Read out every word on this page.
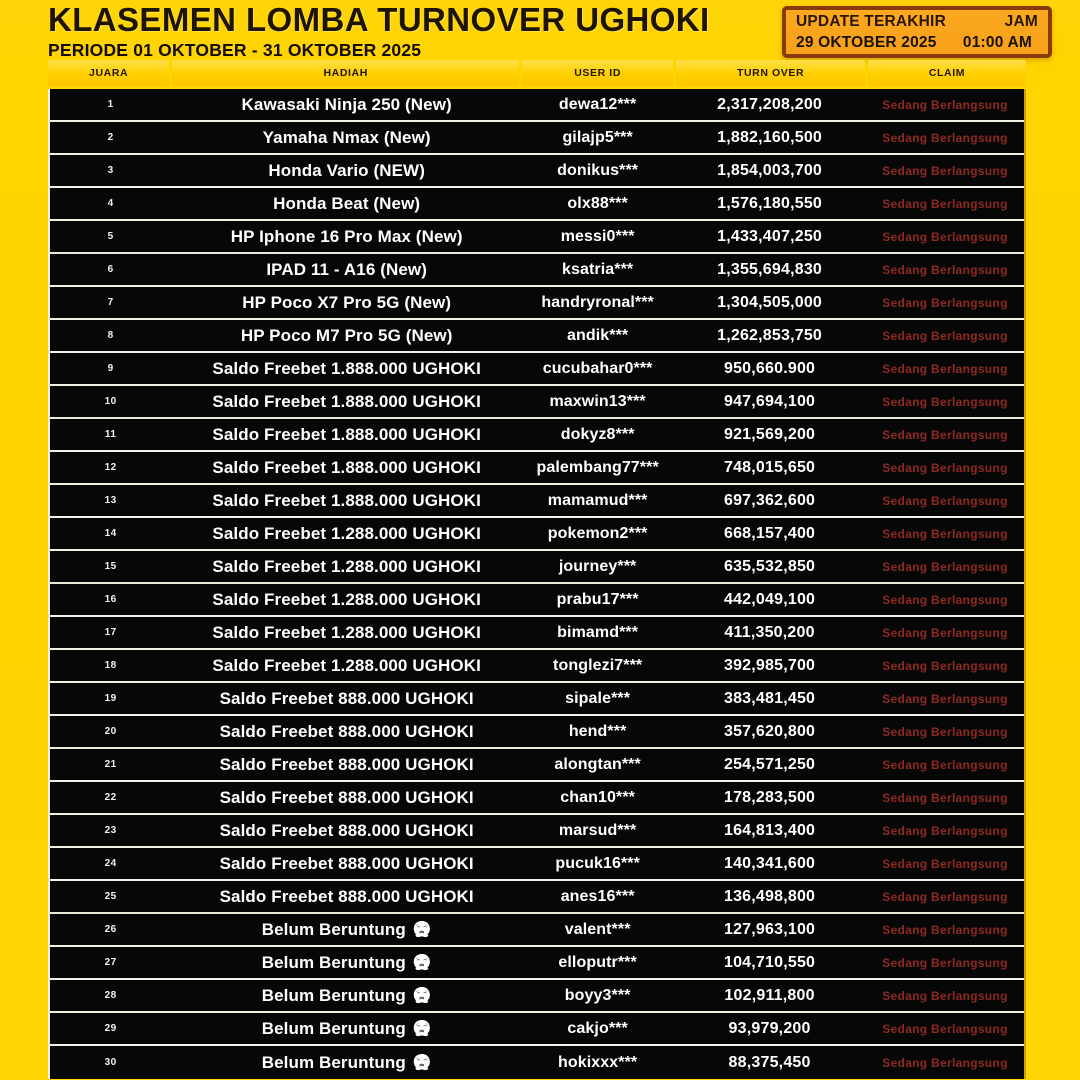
KLASEMEN LOMBA TURNOVER UGHOKI
PERIODE 01 OKTOBER - 31 OKTOBER 2025
UPDATE TERAKHIR	JAM
29 OKTOBER 2025	01:00 AM
JUARA	HADIAH	USER ID	TURN OVER	CLAIM
1	Kawasaki Ninja 250 (New)	dewa12***	2,317,208,200	Sedang Berlangsung
2	Yamaha Nmax (New)	gilajp5***	1,882,160,500	Sedang Berlangsung
3	Honda Vario (NEW)	donikus***	1,854,003,700	Sedang Berlangsung
4	Honda Beat (New)	olx88***	1,576,180,550	Sedang Berlangsung
5	HP Iphone 16 Pro Max (New)	messi0***	1,433,407,250	Sedang Berlangsung
6	IPAD 11 - A16 (New)	ksatria***	1,355,694,830	Sedang Berlangsung
7	HP Poco X7 Pro 5G (New)	handryronal***	1,304,505,000	Sedang Berlangsung
8	HP Poco M7 Pro 5G (New)	andik***	1,262,853,750	Sedang Berlangsung
9	Saldo Freebet 1.888.000 UGHOKI	cucubahar0***	950,660.900	Sedang Berlangsung
10	Saldo Freebet 1.888.000 UGHOKI	maxwin13***	947,694,100	Sedang Berlangsung
11	Saldo Freebet 1.888.000 UGHOKI	dokyz8***	921,569,200	Sedang Berlangsung
12	Saldo Freebet 1.888.000 UGHOKI	palembang77***	748,015,650	Sedang Berlangsung
13	Saldo Freebet 1.888.000 UGHOKI	mamamud***	697,362,600	Sedang Berlangsung
14	Saldo Freebet 1.288.000 UGHOKI	pokemon2***	668,157,400	Sedang Berlangsung
15	Saldo Freebet 1.288.000 UGHOKI	journey***	635,532,850	Sedang Berlangsung
16	Saldo Freebet 1.288.000 UGHOKI	prabu17***	442,049,100	Sedang Berlangsung
17	Saldo Freebet 1.288.000 UGHOKI	bimamd***	411,350,200	Sedang Berlangsung
18	Saldo Freebet 1.288.000 UGHOKI	tonglezi7***	392,985,700	Sedang Berlangsung
19	Saldo Freebet 888.000 UGHOKI	sipale***	383,481,450	Sedang Berlangsung
20	Saldo Freebet 888.000 UGHOKI	hend***	357,620,800	Sedang Berlangsung
21	Saldo Freebet 888.000 UGHOKI	alongtan***	254,571,250	Sedang Berlangsung
22	Saldo Freebet 888.000 UGHOKI	chan10***	178,283,500	Sedang Berlangsung
23	Saldo Freebet 888.000 UGHOKI	marsud***	164,813,400	Sedang Berlangsung
24	Saldo Freebet 888.000 UGHOKI	pucuk16***	140,341,600	Sedang Berlangsung
25	Saldo Freebet 888.000 UGHOKI	anes16***	136,498,800	Sedang Berlangsung
26	Belum Beruntung 😭	valent***	127,963,100	Sedang Berlangsung
27	Belum Beruntung 😭	elloputr***	104,710,550	Sedang Berlangsung
28	Belum Beruntung 😭	boyy3***	102,911,800	Sedang Berlangsung
29	Belum Beruntung 😭	cakjo***	93,979,200	Sedang Berlangsung
30	Belum Beruntung 😭	hokixxx***	88,375,450	Sedang Berlangsung
